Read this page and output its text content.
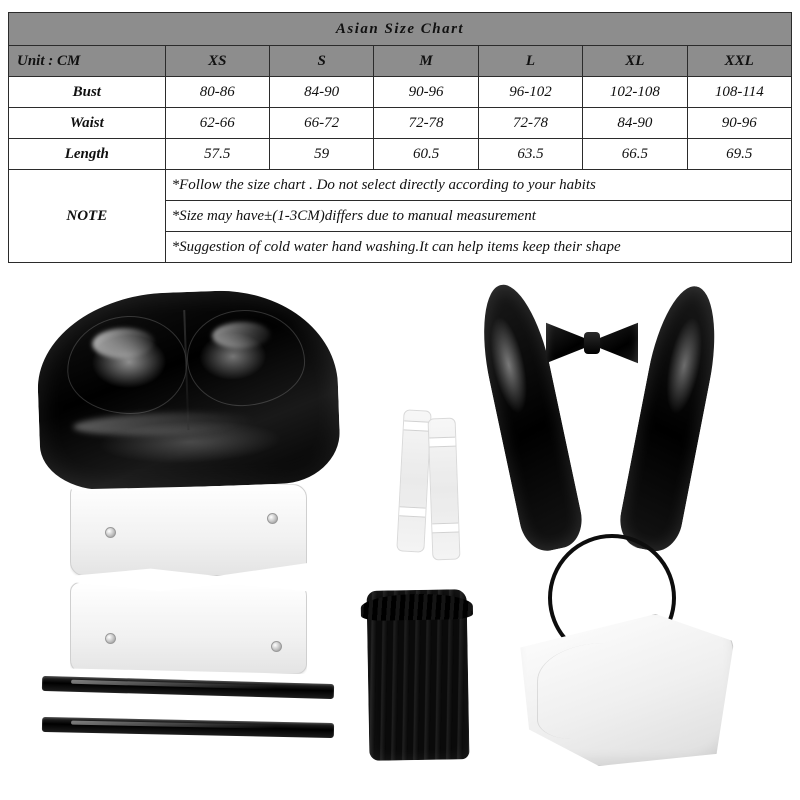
Asian Size Chart						
Unit : CM	XS	S	M	L	XL	XXL
Bust	80-86	84-90	90-96	96-102	102-108	108-114
Waist	62-66	66-72	72-78	72-78	84-90	90-96
Length	57.5	59	60.5	63.5	66.5	69.5
NOTE	*Follow the size chart . Do not select directly according to your habits					
	*Size may have±(1-3CM)differs due to manual measurement					
	*Suggestion of cold water hand washing.It can help items keep their shape					
